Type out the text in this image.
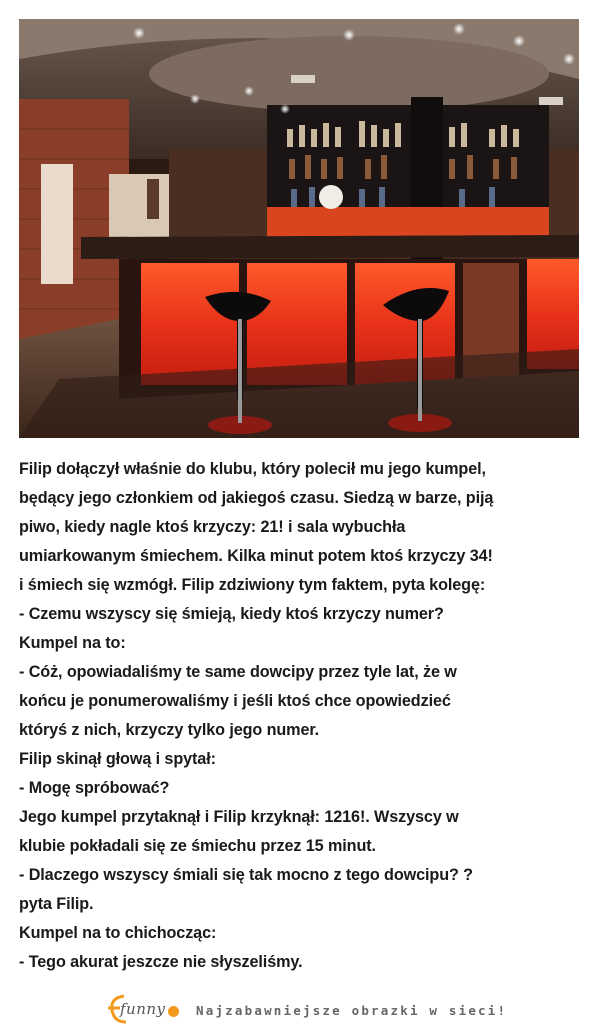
Filip dołączył właśnie do klubu, który polecił mu jego kumpel,
będący jego członkiem od jakiegoś czasu. Siedzą w barze, piją
piwo, kiedy nagle ktoś krzyczy: 21! i sala wybuchła
umiarkowanym śmiechem. Kilka minut potem ktoś krzyczy 34!
i śmiech się wzmógł. Filip zdziwiony tym faktem, pyta kolegę:
- Czemu wszyscy się śmieją, kiedy ktoś krzyczy numer?
Kumpel na to:
- Cóż, opowiadaliśmy te same dowcipy przez tyle lat, że w
końcu je ponumerowaliśmy i jeśli ktoś chce opowiedzieć
któryś z nich, krzyczy tylko jego numer.
Filip skinął głową i spytał:
- Mogę spróbować?
Jego kumpel przytaknął i Filip krzyknął: 1216!. Wszyscy w
klubie pokładali się ze śmiechu przez 15 minut.
- Dlaczego wszyscy śmiali się tak mocno z tego dowcipu? ?
pyta Filip.
Kumpel na to chichocząc:
- Tego akurat jeszcze nie słyszeliśmy.
funny Najzabawniejsze obrazki w sieci!
